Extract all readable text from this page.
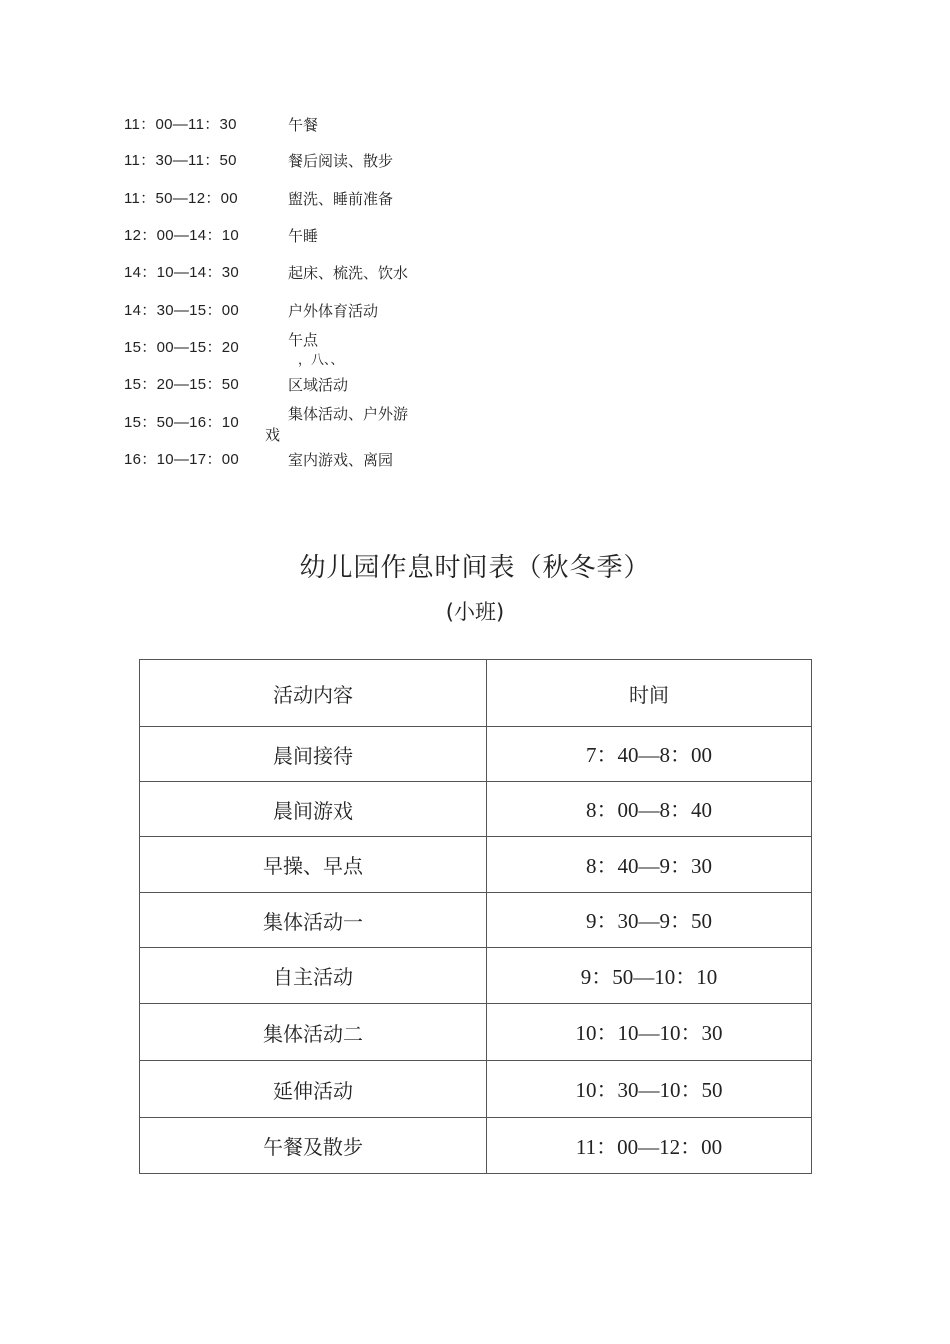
11：00—11：30	午餐
11：30—11：50	餐后阅读、散步
11：50—12：00	盥洗、睡前准备
12：00—14：10	午睡
14：10—14：30	起床、梳洗、饮水
14：30—15：00	户外体育活动
15：00—15：20	午点
，八、、
15：20—15：50	区域活动
15：50—16：10	集体活动、户外游
戏
16：10—17：00	室内游戏、离园
幼儿园作息时间表（秋冬季）
(小班)
活动内容	时间
晨间接待	7：40—8：00
晨间游戏	8：00—8：40
早操、早点	8：40—9：30
集体活动一	9：30—9：50
自主活动	9：50—10：10
集体活动二	10：10—10：30
延伸活动	10：30—10：50
午餐及散步	11：00—12：00
